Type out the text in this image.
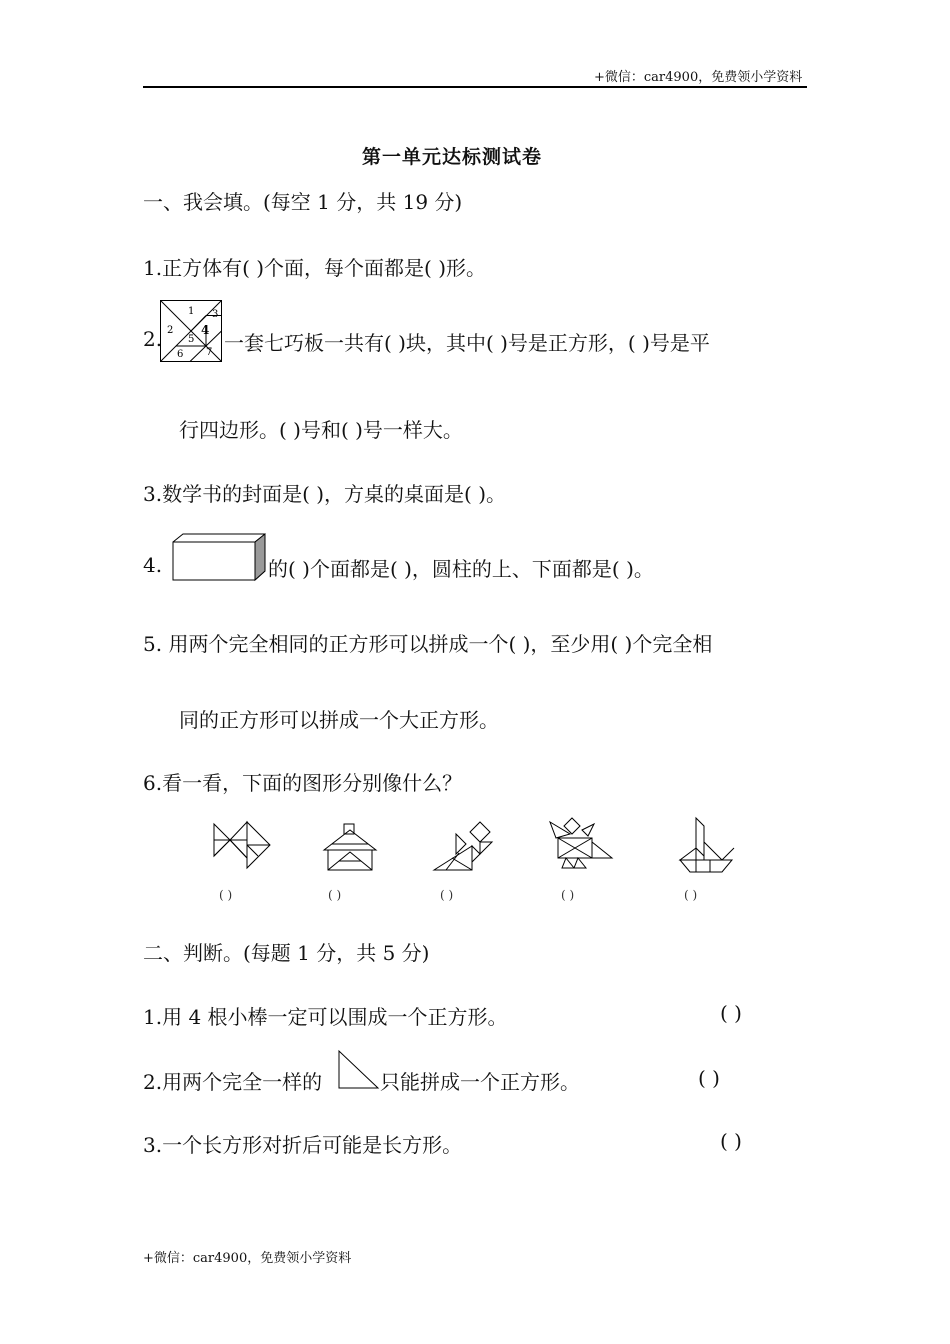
+微信：car4900，免费领小学资料
第一单元达标测试卷
一、我会填。(每空 1 分，共 19 分)
1.正方体有( )个面，每个面都是( )形。
2.
1
2
3
4
5
6 7 一套七巧板一共有( )块，其中( )号是正方形，( )号是平
行四边形。( )号和( )号一样大。
3.数学书的封面是( )，方桌的桌面是( )。
4.	的( )个面都是( )，圆柱的上、下面都是( )。
5. 用两个完全相同的正方形可以拼成一个( )，至少用( )个完全相
同的正方形可以拼成一个大正方形。
6.看一看，下面的图形分别像什么？
( )	( )	( )	( )	( )
二、判断。(每题 1 分，共 5 分)
1.用 4 根小棒一定可以围成一个正方形。	( )
2.用两个完全一样的	只能拼成一个正方形。	( )
3.一个长方形对折后可能是长方形。	( )
+微信：car4900，免费领小学资料
